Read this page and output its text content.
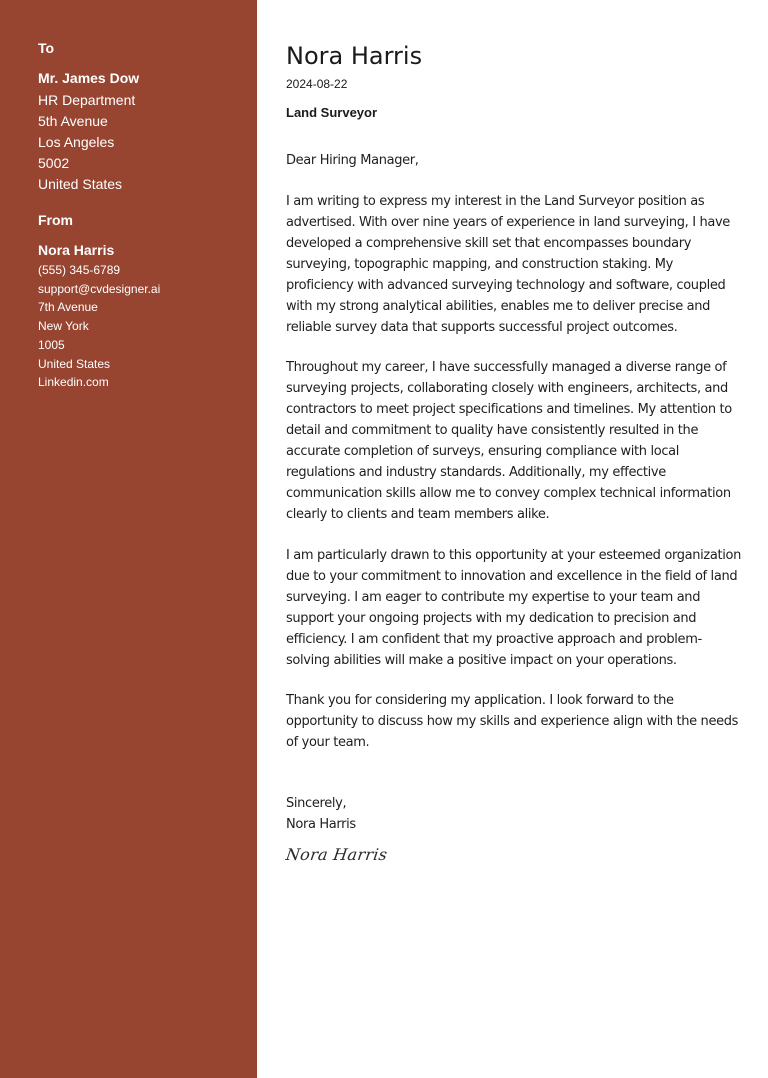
To
Mr. James Dow
HR Department
5th Avenue
Los Angeles
5002
United States
From
Nora Harris
(555) 345-6789
support@cvdesigner.ai
7th Avenue
New York
1005
United States
Linkedin.com
Nora Harris
2024-08-22
Land Surveyor
Dear Hiring Manager,

I am writing to express my interest in the Land Surveyor position as advertised. With over nine years of experience in land surveying, I have developed a comprehensive skill set that encompasses boundary surveying, topographic mapping, and construction staking. My proficiency with advanced surveying technology and software, coupled with my strong analytical abilities, enables me to deliver precise and reliable survey data that supports successful project outcomes.

Throughout my career, I have successfully managed a diverse range of surveying projects, collaborating closely with engineers, architects, and contractors to meet project specifications and timelines. My attention to detail and commitment to quality have consistently resulted in the accurate completion of surveys, ensuring compliance with local regulations and industry standards. Additionally, my effective communication skills allow me to convey complex technical information clearly to clients and team members alike.

I am particularly drawn to this opportunity at your esteemed organization due to your commitment to innovation and excellence in the field of land surveying. I am eager to contribute my expertise to your team and support your ongoing projects with my dedication to precision and efficiency. I am confident that my proactive approach and problem-solving abilities will make a positive impact on your operations.

Thank you for considering my application. I look forward to the opportunity to discuss how my skills and experience align with the needs of your team.

Sincerely,
Nora Harris
Nora Harris
